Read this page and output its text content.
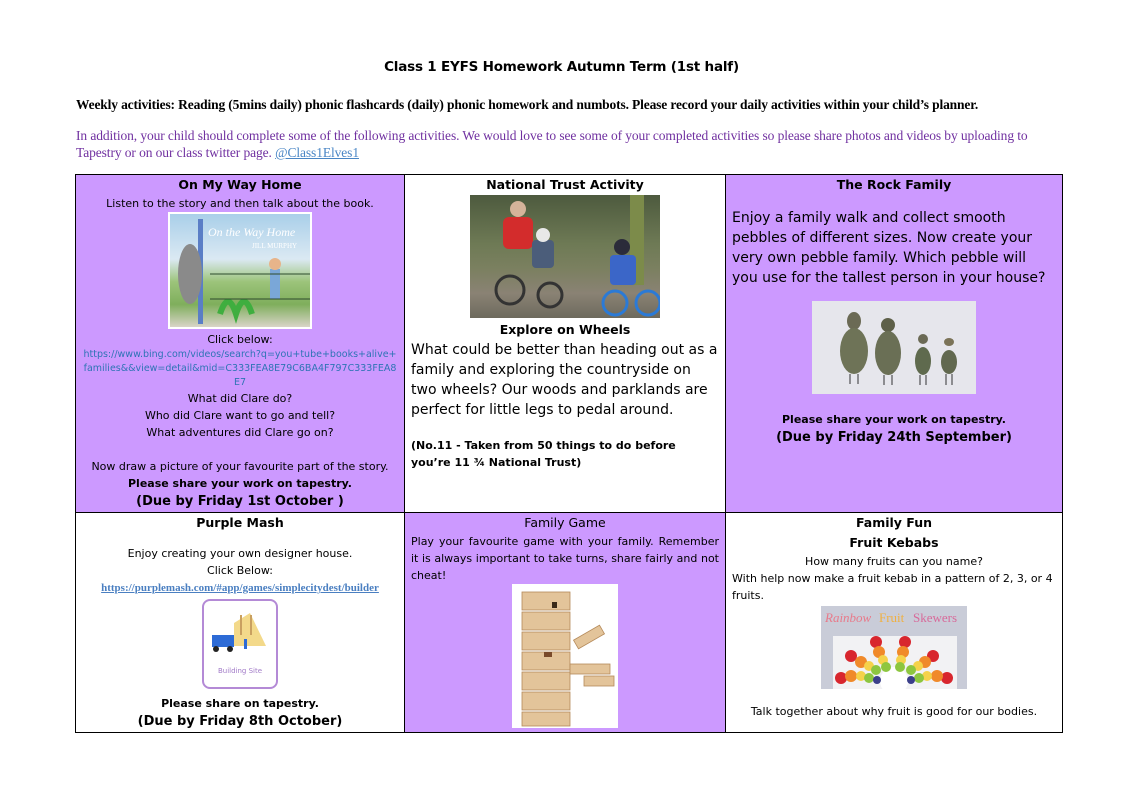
Class 1 EYFS Homework Autumn Term (1st half)
Weekly activities: Reading (5mins daily) phonic flashcards (daily) phonic homework and numbots. Please record your daily activities within your child’s planner.
In addition, your child should complete some of the following activities. We would love to see some of your completed activities so please share photos and videos by uploading to Tapestry or on our class twitter page. @Class1Elves1
On My Way Home
Listen to the story and then talk about the book.
On the Way Home
JILL MURPHY
Click below:
https://www.bing.com/videos/search?q=you+tube+books+alive+families&&view=detail&mid=C333FEA8E79C6BA4F797C333FEA8E7
What did Clare do?
Who did Clare want to go and tell?
What adventures did Clare go on?
Now draw a picture of your favourite part of the story.
Please share your work on tapestry.
(Due by Friday 1st October )

National Trust Activity
Explore on Wheels
What could be better than heading out as a family and exploring the countryside on two wheels? Our woods and parklands are perfect for little legs to pedal around.
(No.11 - Taken from 50 things to do before you’re 11 ¾ National Trust)

The Rock Family
Enjoy a family walk and collect smooth pebbles of different sizes. Now create your very own pebble family. Which pebble will you use for the tallest person in your house?
Please share your work on tapestry.
(Due by Friday 24th September)

Purple Mash
Enjoy creating your own designer house.
Click Below:
https://purplemash.com/#app/games/simplecitydest/builder
Building Site
Please share on tapestry.
(Due by Friday 8th October)

Family Game
Play your favourite game with your family. Remember it is always important to take turns, share fairly and not cheat!

Family Fun
Fruit Kebabs
How many fruits can you name?
With help now make a fruit kebab in a pattern of 2, 3, or 4 fruits.
Rainbow Fruit Skewers
Talk together about why fruit is good for our bodies.
